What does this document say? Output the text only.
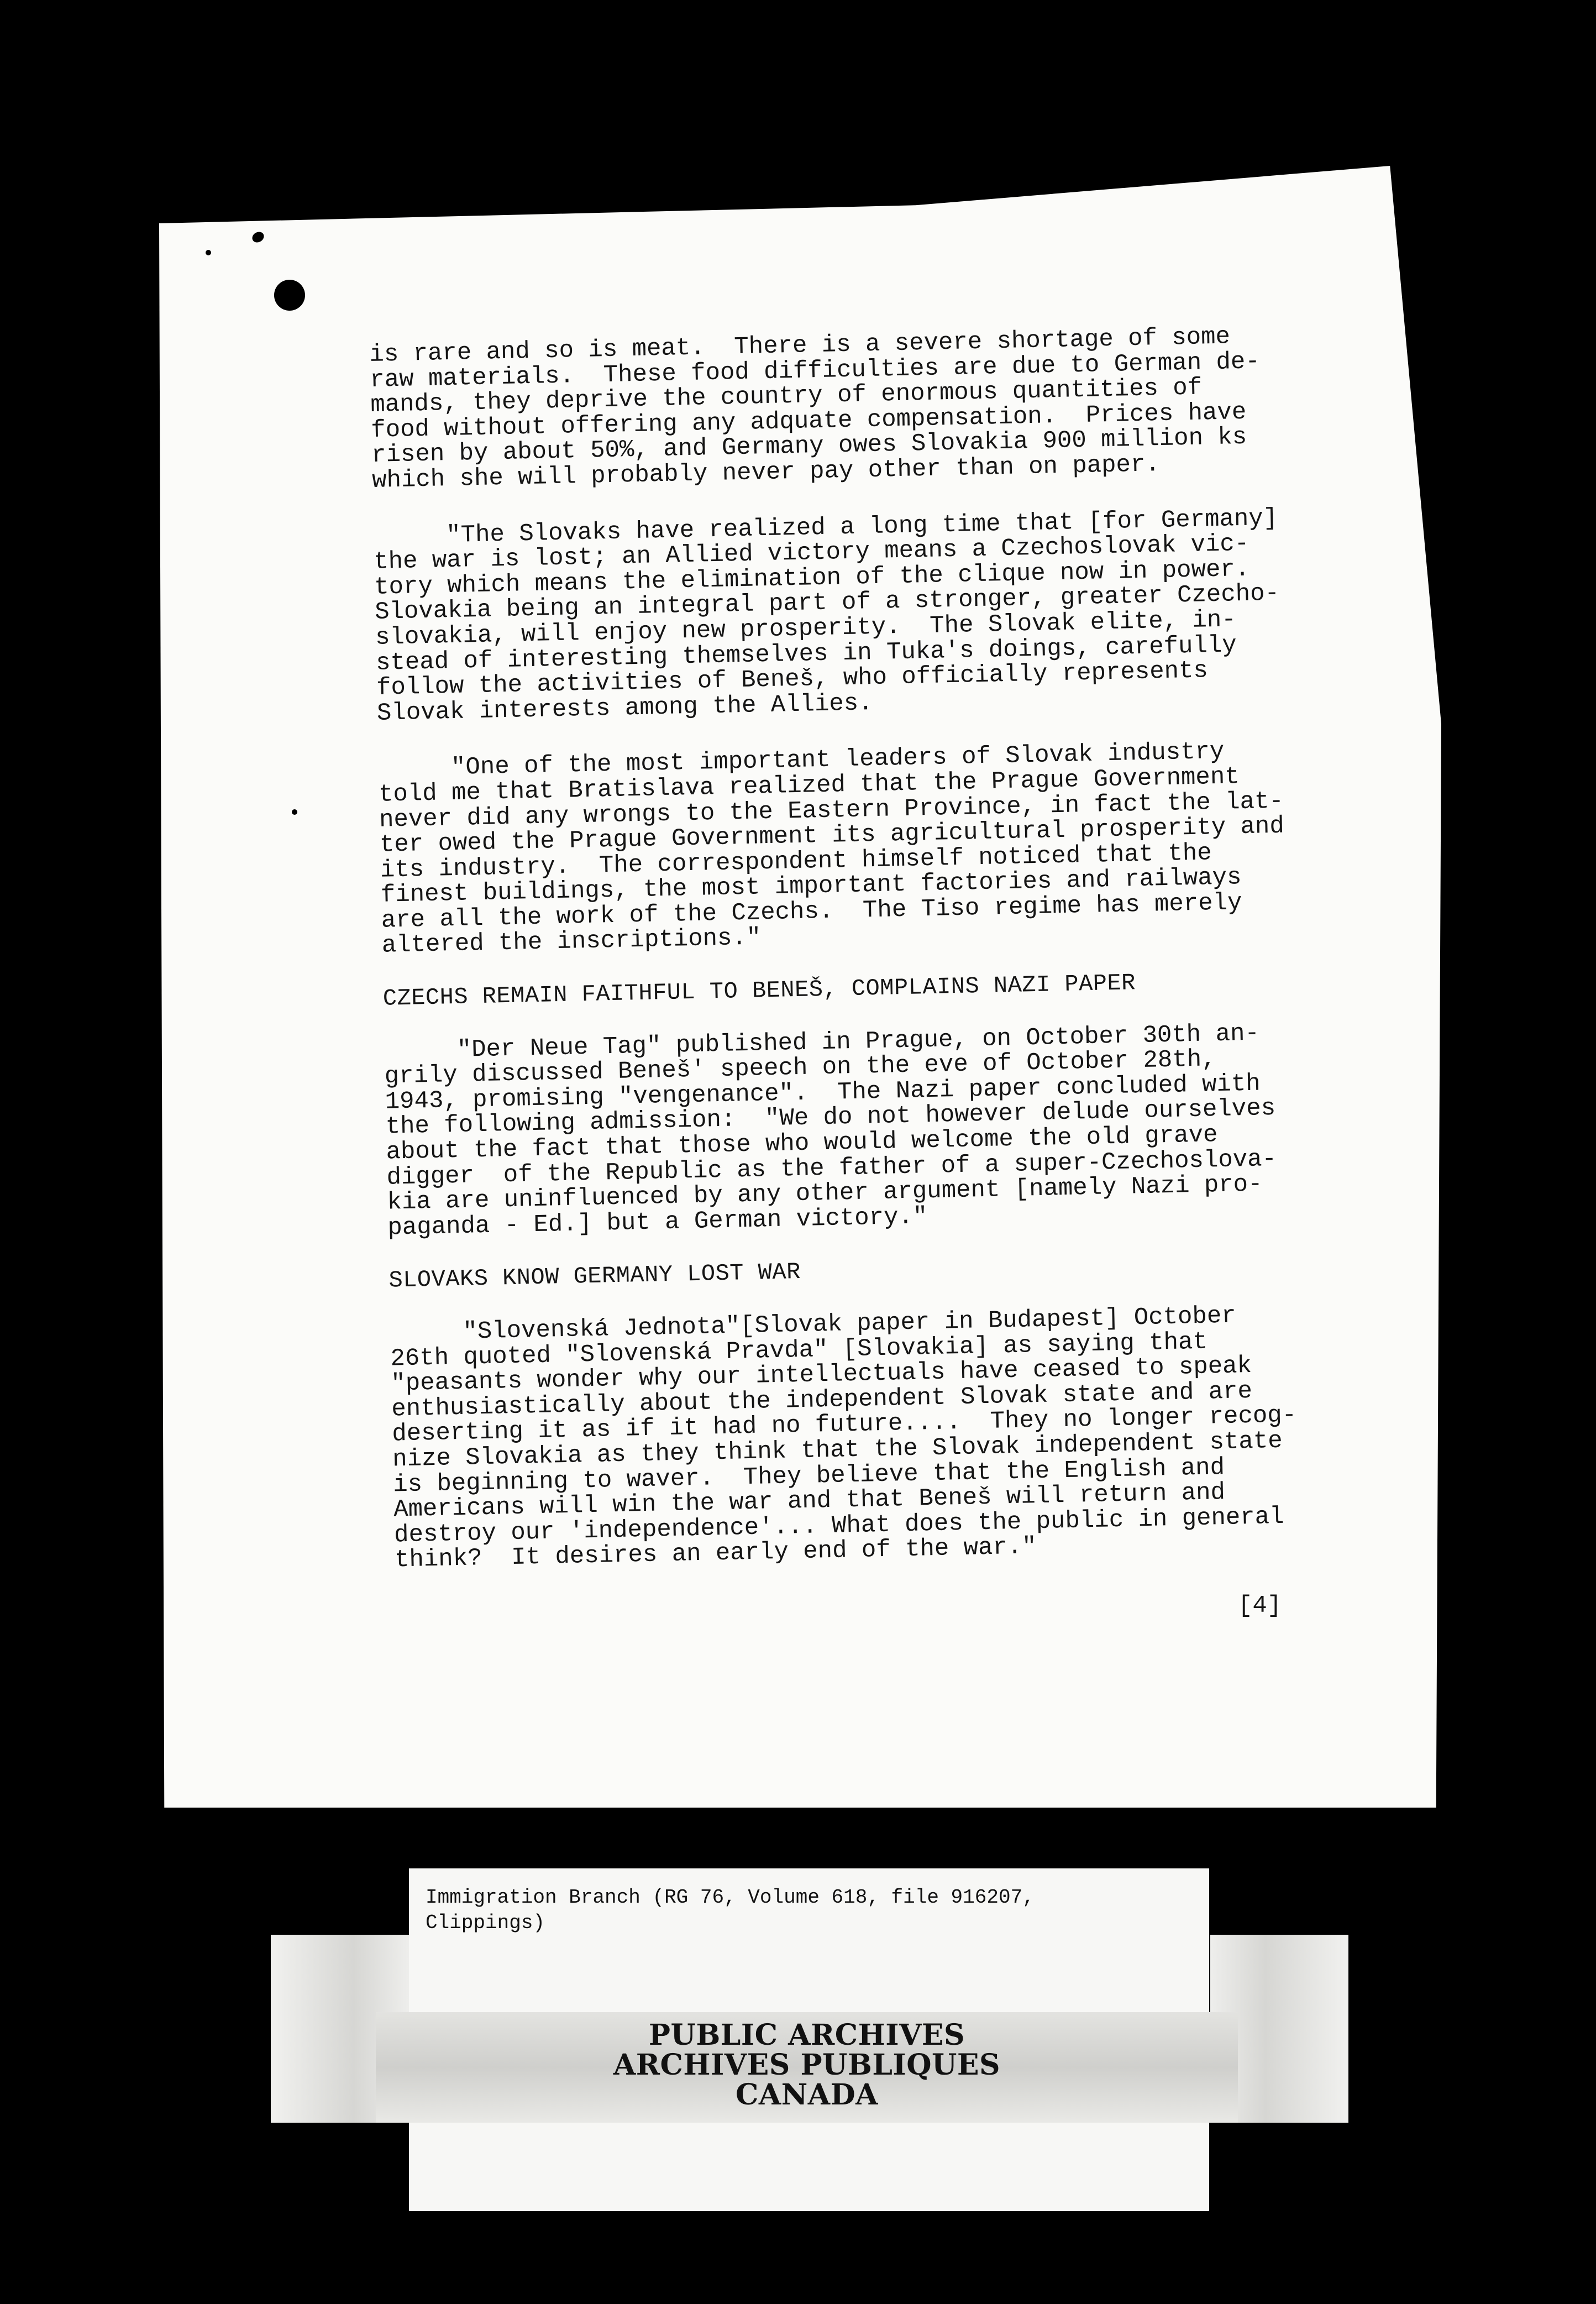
is rare and so is meat.  There is a severe shortage of some
raw materials.  These food difficulties are due to German de-
mands, they deprive the country of enormous quantities of
food without offering any adquate compensation.  Prices have
risen by about 50%, and Germany owes Slovakia 900 million ks
which she will probably never pay other than on paper.
"The Slovaks have realized a long time that [for Germany]
the war is lost; an Allied victory means a Czechoslovak vic-
tory which means the elimination of the clique now in power.
Slovakia being an integral part of a stronger, greater Czecho-
slovakia, will enjoy new prosperity.  The Slovak elite, in-
stead of interesting themselves in Tuka's doings, carefully
follow the activities of Beneš, who officially represents
Slovak interests among the Allies.
"One of the most important leaders of Slovak industry
told me that Bratislava realized that the Prague Government
never did any wrongs to the Eastern Province, in fact the lat-
ter owed the Prague Government its agricultural prosperity and
its industry.  The correspondent himself noticed that the
finest buildings, the most important factories and railways
are all the work of the Czechs.  The Tiso regime has merely
altered the inscriptions."
CZECHS REMAIN FAITHFUL TO BENEŠ, COMPLAINS NAZI PAPER
"Der Neue Tag" published in Prague, on October 30th an-
grily discussed Beneš' speech on the eve of October 28th,
1943, promising "vengenance".  The Nazi paper concluded with
the following admission:  "We do not however delude ourselves
about the fact that those who would welcome the old grave
digger  of the Republic as the father of a super-Czechoslova-
kia are uninfluenced by any other argument [namely Nazi pro-
paganda - Ed.] but a German victory."
SLOVAKS KNOW GERMANY LOST WAR
"Slovenská Jednota"[Slovak paper in Budapest] October
26th quoted "Slovenská Pravda" [Slovakia] as saying that
"peasants wonder why our intellectuals have ceased to speak
enthusiastically about the independent Slovak state and are
deserting it as if it had no future....  They no longer recog-
nize Slovakia as they think that the Slovak independent state
is beginning to waver.  They believe that the English and
Americans will win the war and that Beneš will return and
destroy our 'independence'... What does the public in general
think?  It desires an early end of the war."
[4]
Immigration Branch (RG 76, Volume 618, file 916207,
Clippings)
PUBLIC ARCHIVES
ARCHIVES PUBLIQUES
CANADA
